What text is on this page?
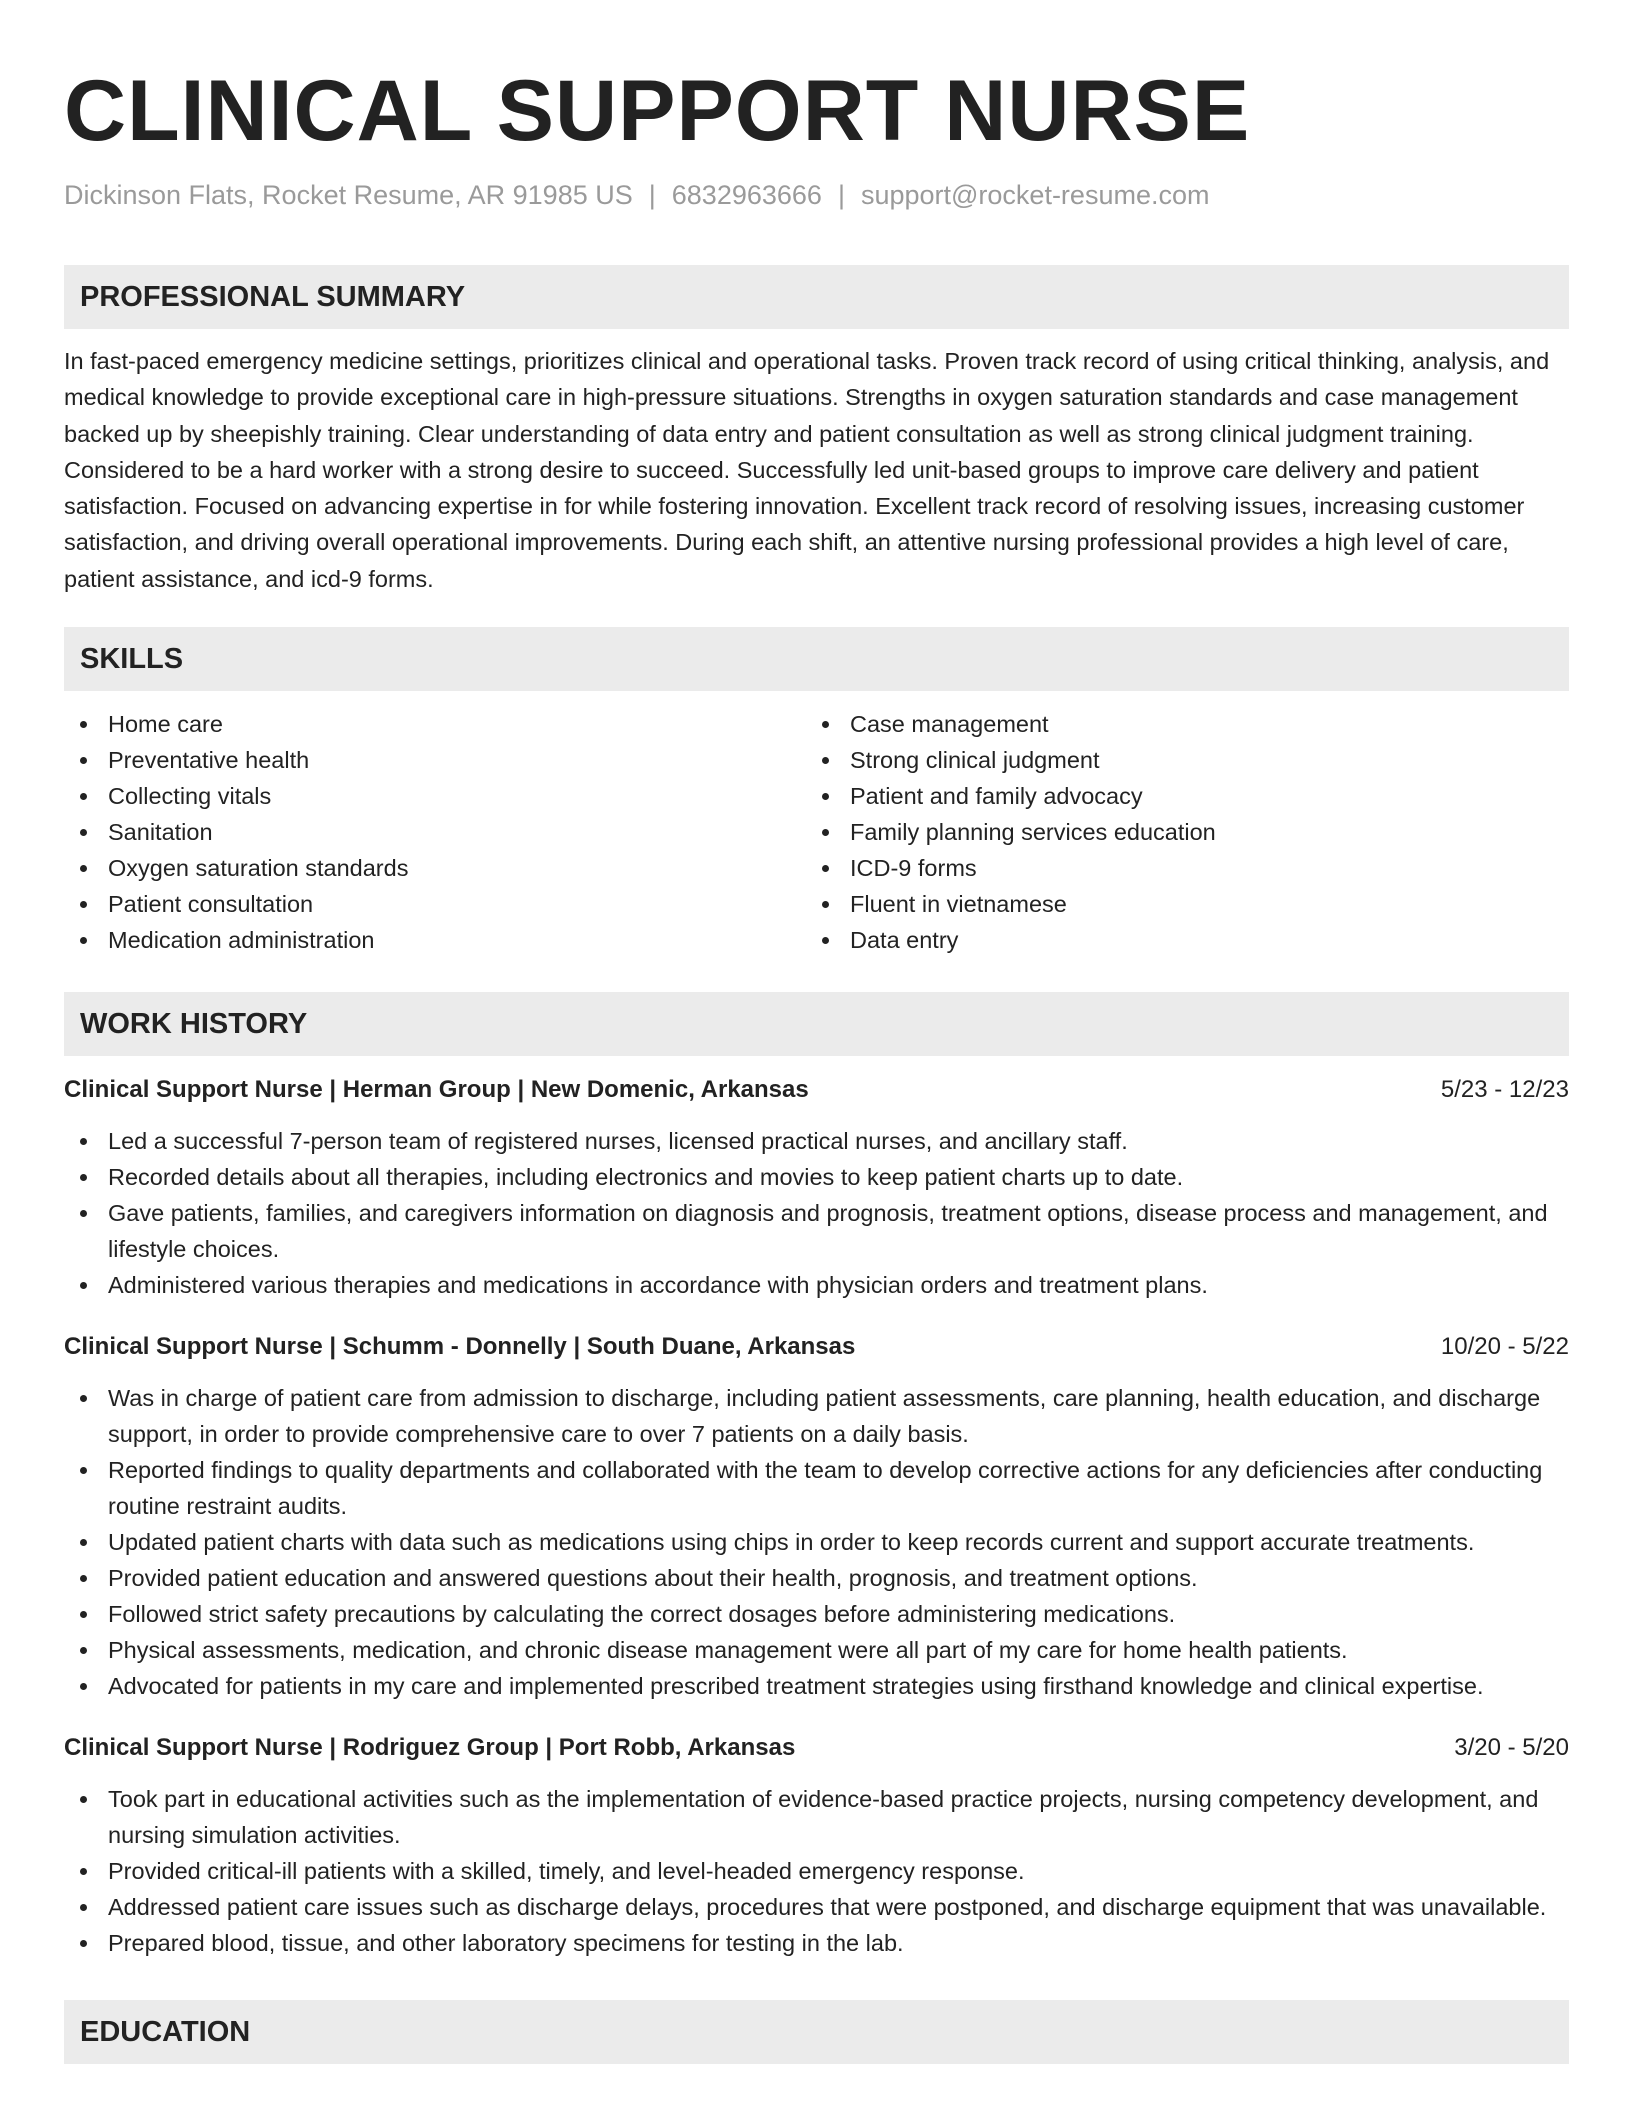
CLINICAL SUPPORT NURSE
Dickinson Flats, Rocket Resume, AR 91985 US | 6832963666 | support@rocket-resume.com
PROFESSIONAL SUMMARY
In fast-paced emergency medicine settings, prioritizes clinical and operational tasks. Proven track record of using critical thinking, analysis, and medical knowledge to provide exceptional care in high-pressure situations. Strengths in oxygen saturation standards and case management backed up by sheepishly training. Clear understanding of data entry and patient consultation as well as strong clinical judgment training. Considered to be a hard worker with a strong desire to succeed. Successfully led unit-based groups to improve care delivery and patient satisfaction. Focused on advancing expertise in for while fostering innovation. Excellent track record of resolving issues, increasing customer satisfaction, and driving overall operational improvements. During each shift, an attentive nursing professional provides a high level of care, patient assistance, and icd-9 forms.
SKILLS
Home care
Preventative health
Collecting vitals
Sanitation
Oxygen saturation standards
Patient consultation
Medication administration
Case management
Strong clinical judgment
Patient and family advocacy
Family planning services education
ICD-9 forms
Fluent in vietnamese
Data entry
WORK HISTORY
Clinical Support Nurse | Herman Group | New Domenic, Arkansas	5/23 - 12/23
Led a successful 7-person team of registered nurses, licensed practical nurses, and ancillary staff.
Recorded details about all therapies, including electronics and movies to keep patient charts up to date.
Gave patients, families, and caregivers information on diagnosis and prognosis, treatment options, disease process and management, and lifestyle choices.
Administered various therapies and medications in accordance with physician orders and treatment plans.
Clinical Support Nurse | Schumm - Donnelly | South Duane, Arkansas	10/20 - 5/22
Was in charge of patient care from admission to discharge, including patient assessments, care planning, health education, and discharge support, in order to provide comprehensive care to over 7 patients on a daily basis.
Reported findings to quality departments and collaborated with the team to develop corrective actions for any deficiencies after conducting routine restraint audits.
Updated patient charts with data such as medications using chips in order to keep records current and support accurate treatments.
Provided patient education and answered questions about their health, prognosis, and treatment options.
Followed strict safety precautions by calculating the correct dosages before administering medications.
Physical assessments, medication, and chronic disease management were all part of my care for home health patients.
Advocated for patients in my care and implemented prescribed treatment strategies using firsthand knowledge and clinical expertise.
Clinical Support Nurse | Rodriguez Group | Port Robb, Arkansas	3/20 - 5/20
Took part in educational activities such as the implementation of evidence-based practice projects, nursing competency development, and nursing simulation activities.
Provided critical-ill patients with a skilled, timely, and level-headed emergency response.
Addressed patient care issues such as discharge delays, procedures that were postponed, and discharge equipment that was unavailable.
Prepared blood, tissue, and other laboratory specimens for testing in the lab.
EDUCATION
